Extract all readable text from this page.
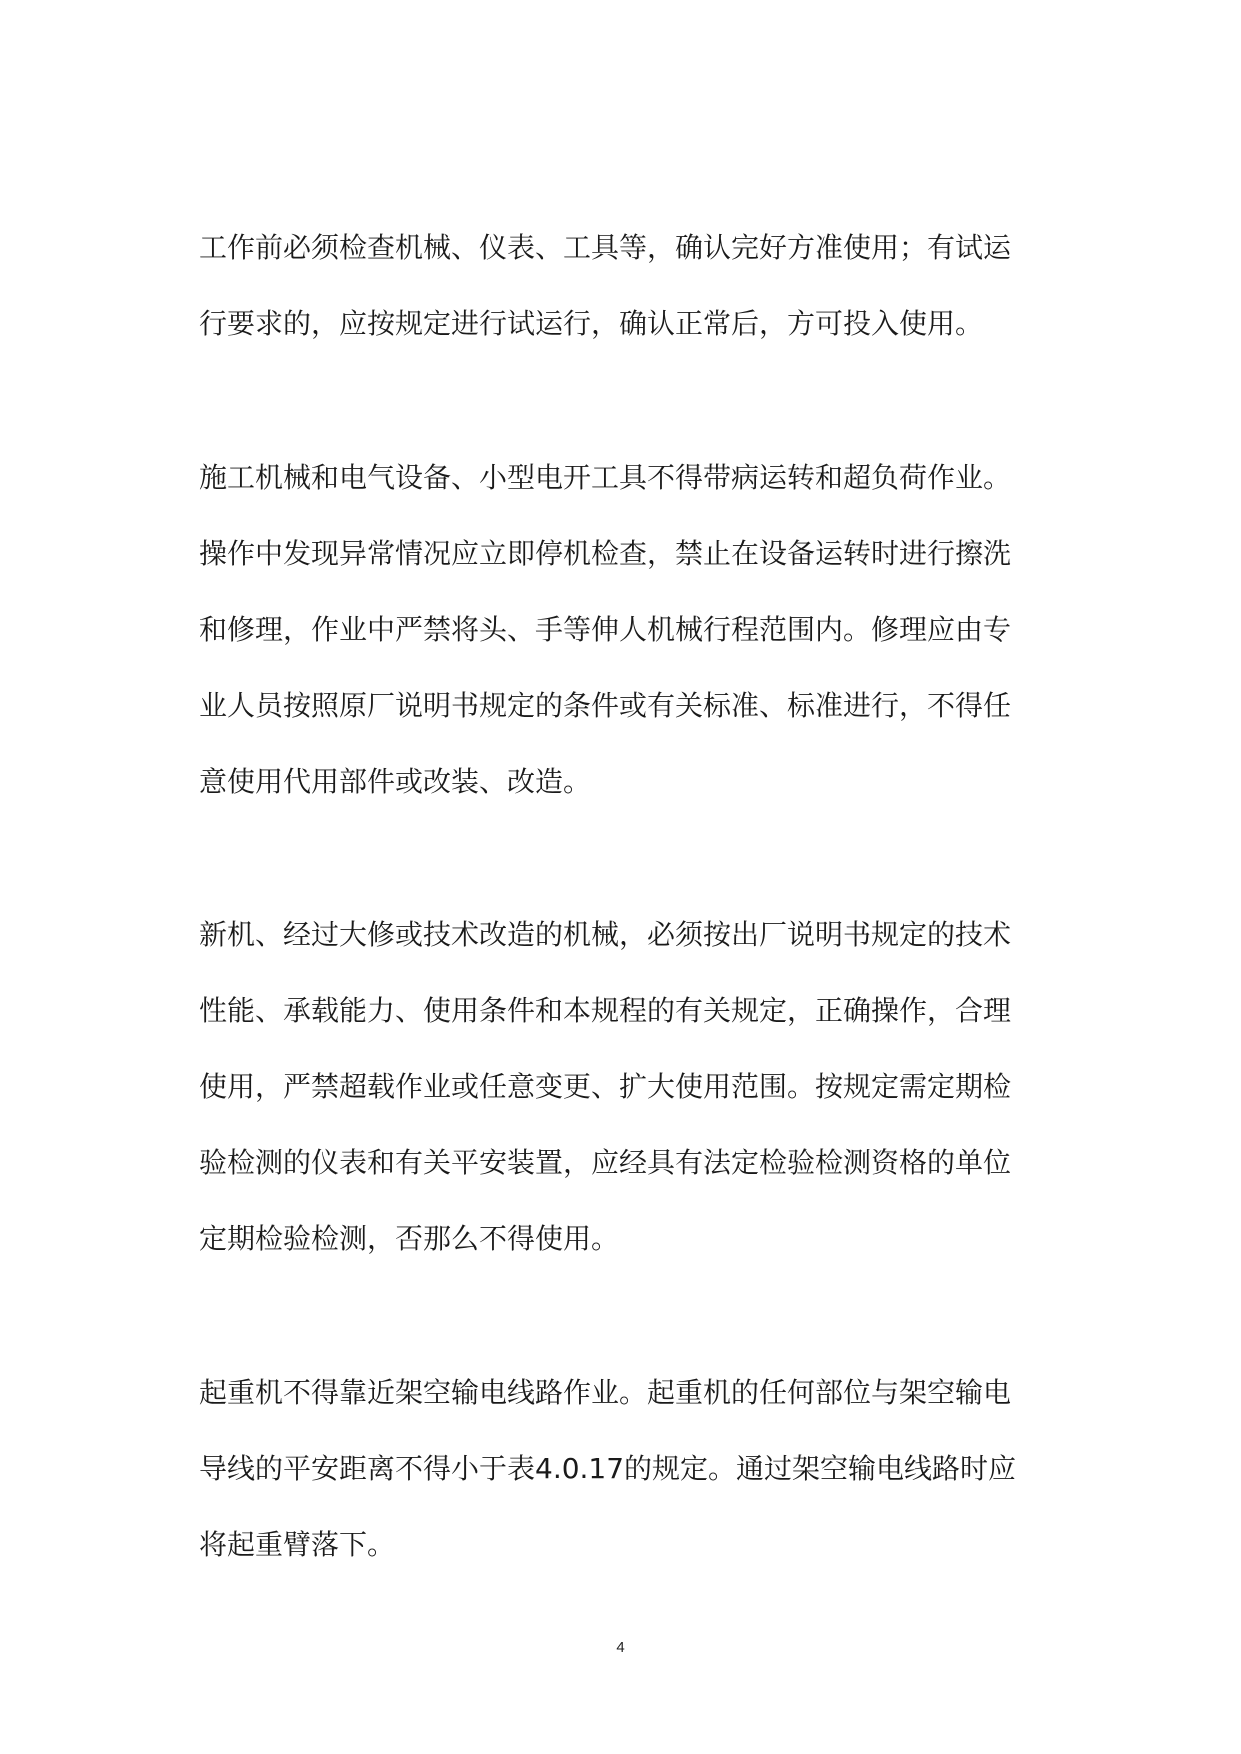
工作前必须检查机械、仪表、工具等，确认完好方准使用；有试运
行要求的，应按规定进行试运行，确认正常后，方可投入使用。
施工机械和电气设备、小型电开工具不得带病运转和超负荷作业。
操作中发现异常情况应立即停机检查，禁止在设备运转时进行擦洗
和修理，作业中严禁将头、手等伸人机械行程范围内。修理应由专
业人员按照原厂说明书规定的条件或有关标准、标准进行，不得任
意使用代用部件或改装、改造。
新机、经过大修或技术改造的机械，必须按出厂说明书规定的技术
性能、承载能力、使用条件和本规程的有关规定，正确操作，合理
使用，严禁超载作业或任意变更、扩大使用范围。按规定需定期检
验检测的仪表和有关平安装置，应经具有法定检验检测资格的单位
定期检验检测，否那么不得使用。
起重机不得靠近架空输电线路作业。起重机的任何部位与架空输电
导线的平安距离不得小于表4.0.17的规定。通过架空输电线路时应
将起重臂落下。
4
